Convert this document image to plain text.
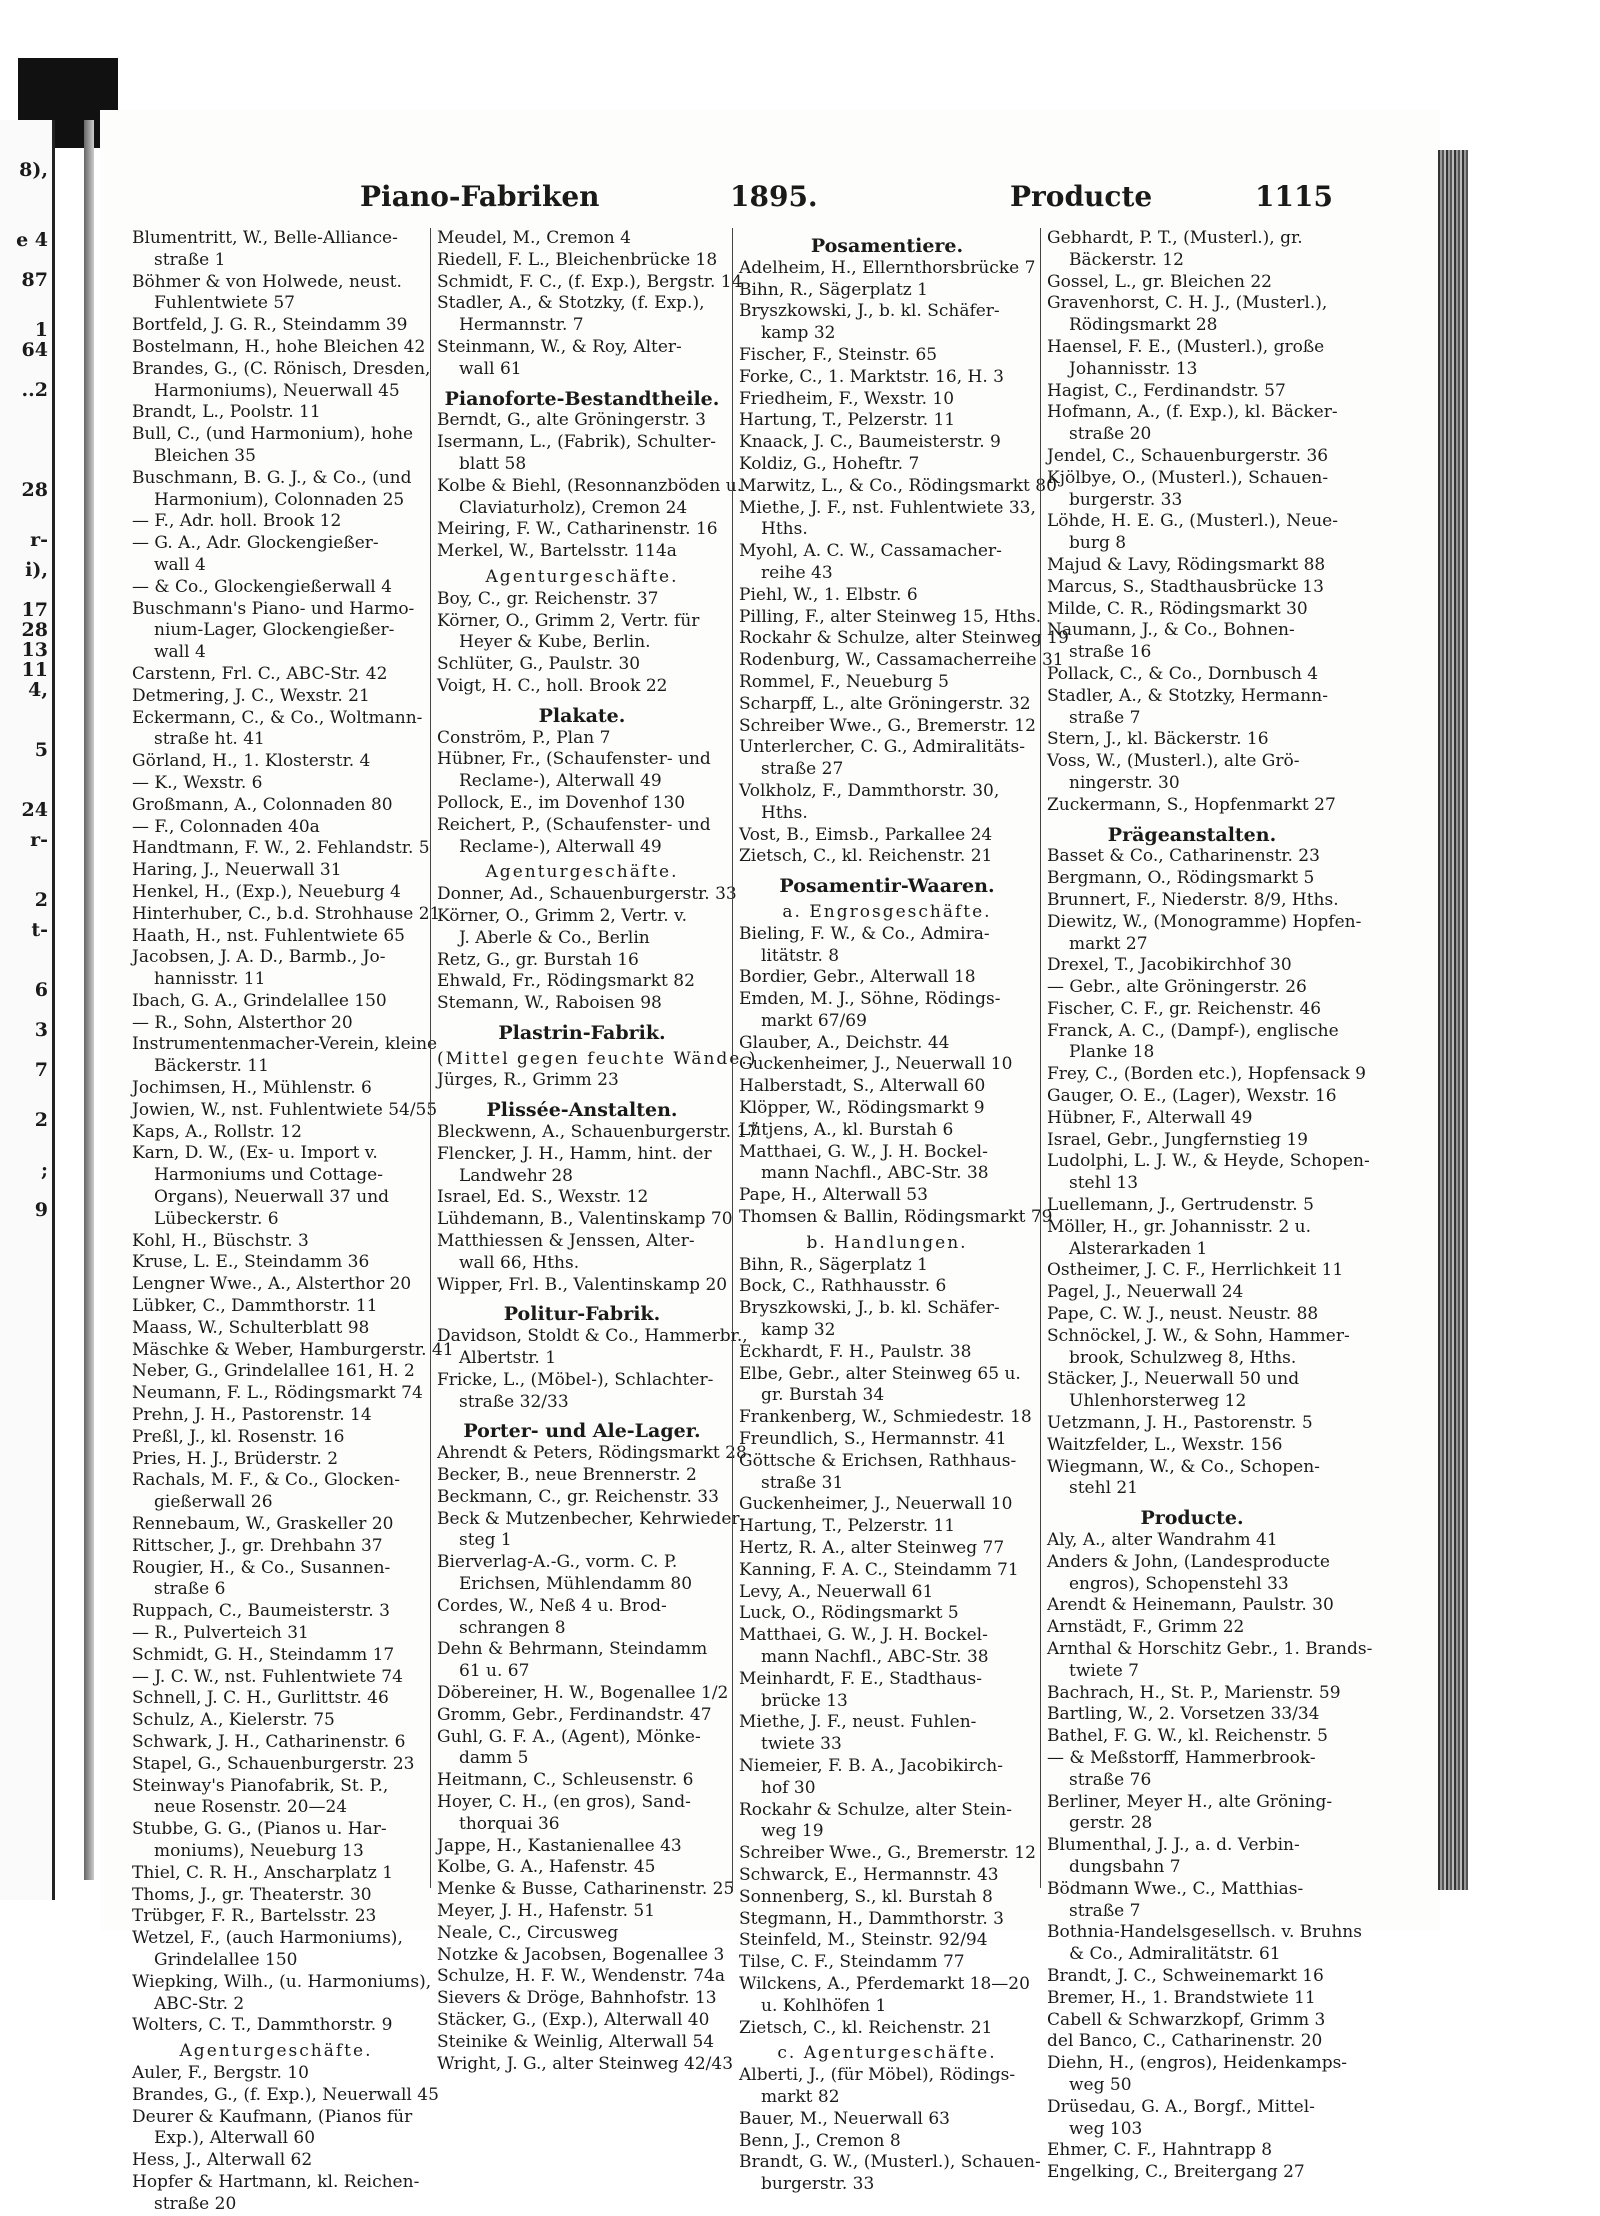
8),
e 4
87
1
64
..2
28
r-
i),
17
28
13
11
4,
5
24
r-
2
t-
6
3
7
2
;
9
Piano-Fabriken	1895.	Producte	1115
Blumentritt, W., Belle-Alliance-
straße 1
Böhmer & von Holwede, neust.
Fuhlentwiete 57
Bortfeld, J. G. R., Steindamm 39
Bostelmann, H., hohe Bleichen 42
Brandes, G., (C. Rönisch, Dresden,
Harmoniums), Neuerwall 45
Brandt, L., Poolstr. 11
Bull, C., (und Harmonium), hohe
Bleichen 35
Buschmann, B. G. J., & Co., (und
Harmonium), Colonnaden 25
— F., Adr. holl. Brook 12
— G. A., Adr. Glockengießer-
wall 4
— & Co., Glockengießerwall 4
Buschmann's Piano- und Harmo-
nium-Lager, Glockengießer-
wall 4
Carstenn, Frl. C., ABC-Str. 42
Detmering, J. C., Wexstr. 21
Eckermann, C., & Co., Woltmann-
straße ht. 41
Görland, H., 1. Klosterstr. 4
— K., Wexstr. 6
Großmann, A., Colonnaden 80
— F., Colonnaden 40a
Handtmann, F. W., 2. Fehlandstr. 5
Haring, J., Neuerwall 31
Henkel, H., (Exp.), Neueburg 4
Hinterhuber, C., b.d. Strohhause 21
Haath, H., nst. Fuhlentwiete 65
Jacobsen, J. A. D., Barmb., Jo-
hannisstr. 11
Ibach, G. A., Grindelallee 150
— R., Sohn, Alsterthor 20
Instrumentenmacher-Verein, kleine
Bäckerstr. 11
Jochimsen, H., Mühlenstr. 6
Jowien, W., nst. Fuhlentwiete 54/55
Kaps, A., Rollstr. 12
Karn, D. W., (Ex- u. Import v.
Harmoniums und Cottage-
Organs), Neuerwall 37 und
Lübeckerstr. 6
Kohl, H., Büschstr. 3
Kruse, L. E., Steindamm 36
Lengner Wwe., A., Alsterthor 20
Lübker, C., Dammthorstr. 11
Maass, W., Schulterblatt 98
Mäschke & Weber, Hamburgerstr. 41
Neber, G., Grindelallee 161, H. 2
Neumann, F. L., Rödingsmarkt 74
Prehn, J. H., Pastorenstr. 14
Preßl, J., kl. Rosenstr. 16
Pries, H. J., Brüderstr. 2
Rachals, M. F., & Co., Glocken-
gießerwall 26
Rennebaum, W., Graskeller 20
Rittscher, J., gr. Drehbahn 37
Rougier, H., & Co., Susannen-
straße 6
Ruppach, C., Baumeisterstr. 3
— R., Pulverteich 31
Schmidt, G. H., Steindamm 17
— J. C. W., nst. Fuhlentwiete 74
Schnell, J. C. H., Gurlittstr. 46
Schulz, A., Kielerstr. 75
Schwark, J. H., Catharinenstr. 6
Stapel, G., Schauenburgerstr. 23
Steinway's Pianofabrik, St. P.,
neue Rosenstr. 20—24
Stubbe, G. G., (Pianos u. Har-
moniums), Neueburg 13
Thiel, C. R. H., Anscharplatz 1
Thoms, J., gr. Theaterstr. 30
Trübger, F. R., Bartelsstr. 23
Wetzel, F., (auch Harmoniums),
Grindelallee 150
Wiepking, Wilh., (u. Harmoniums),
ABC-Str. 2
Wolters, C. T., Dammthorstr. 9
Agenturgeschäfte.
Auler, F., Bergstr. 10
Brandes, G., (f. Exp.), Neuerwall 45
Deurer & Kaufmann, (Pianos für
Exp.), Alterwall 60
Hess, J., Alterwall 62
Hopfer & Hartmann, kl. Reichen-
straße 20
Meudel, M., Cremon 4
Riedell, F. L., Bleichenbrücke 18
Schmidt, F. C., (f. Exp.), Bergstr. 14
Stadler, A., & Stotzky, (f. Exp.),
Hermannstr. 7
Steinmann, W., & Roy, Alter-
wall 61
Pianoforte-Bestandtheile.
Berndt, G., alte Gröningerstr. 3
Isermann, L., (Fabrik), Schulter-
blatt 58
Kolbe & Biehl, (Resonnanzböden u.
Claviaturholz), Cremon 24
Meiring, F. W., Catharinenstr. 16
Merkel, W., Bartelsstr. 114a
Agenturgeschäfte.
Boy, C., gr. Reichenstr. 37
Körner, O., Grimm 2, Vertr. für
Heyer & Kube, Berlin.
Schlüter, G., Paulstr. 30
Voigt, H. C., holl. Brook 22
Plakate.
Conström, P., Plan 7
Hübner, Fr., (Schaufenster- und
Reclame-), Alterwall 49
Pollock, E., im Dovenhof 130
Reichert, P., (Schaufenster- und
Reclame-), Alterwall 49
Agenturgeschäfte.
Donner, Ad., Schauenburgerstr. 33
Körner, O., Grimm 2, Vertr. v.
J. Aberle & Co., Berlin
Retz, G., gr. Burstah 16
Ehwald, Fr., Rödingsmarkt 82
Stemann, W., Raboisen 98
Plastrin-Fabrik.
(Mittel gegen feuchte Wände.)
Jürges, R., Grimm 23
Plissée-Anstalten.
Bleckwenn, A., Schauenburgerstr. 17
Flencker, J. H., Hamm, hint. der
Landwehr 28
Israel, Ed. S., Wexstr. 12
Lühdemann, B., Valentinskamp 70
Matthiessen & Jenssen, Alter-
wall 66, Hths.
Wipper, Frl. B., Valentinskamp 20
Politur-Fabrik.
Davidson, Stoldt & Co., Hammerbr.,
Albertstr. 1
Fricke, L., (Möbel-), Schlachter-
straße 32/33
Porter- und Ale-Lager.
Ahrendt & Peters, Rödingsmarkt 28
Becker, B., neue Brennerstr. 2
Beckmann, C., gr. Reichenstr. 33
Beck & Mutzenbecher, Kehrwieder-
steg 1
Bierverlag-A.-G., vorm. C. P.
Erichsen, Mühlendamm 80
Cordes, W., Neß 4 u. Brod-
schrangen 8
Dehn & Behrmann, Steindamm
61 u. 67
Döbereiner, H. W., Bogenallee 1/2
Gromm, Gebr., Ferdinandstr. 47
Guhl, G. F. A., (Agent), Mönke-
damm 5
Heitmann, C., Schleusenstr. 6
Hoyer, C. H., (en gros), Sand-
thorquai 36
Jappe, H., Kastanienallee 43
Kolbe, G. A., Hafenstr. 45
Menke & Busse, Catharinenstr. 25
Meyer, J. H., Hafenstr. 51
Neale, C., Circusweg
Notzke & Jacobsen, Bogenallee 3
Schulze, H. F. W., Wendenstr. 74a
Sievers & Dröge, Bahnhofstr. 13
Stäcker, G., (Exp.), Alterwall 40
Steinike & Weinlig, Alterwall 54
Wright, J. G., alter Steinweg 42/43
Posamentiere.
Adelheim, H., Ellernthorsbrücke 7
Bihn, R., Sägerplatz 1
Bryszkowski, J., b. kl. Schäfer-
kamp 32
Fischer, F., Steinstr. 65
Forke, C., 1. Marktstr. 16, H. 3
Friedheim, F., Wexstr. 10
Hartung, T., Pelzerstr. 11
Knaack, J. C., Baumeisterstr. 9
Koldiz, G., Hoheftr. 7
Marwitz, L., & Co., Rödingsmarkt 80
Miethe, J. F., nst. Fuhlentwiete 33,
Hths.
Myohl, A. C. W., Cassamacher-
reihe 43
Piehl, W., 1. Elbstr. 6
Pilling, F., alter Steinweg 15, Hths.
Rockahr & Schulze, alter Steinweg 19
Rodenburg, W., Cassamacherreihe 31
Rommel, F., Neueburg 5
Scharpff, L., alte Gröningerstr. 32
Schreiber Wwe., G., Bremerstr. 12
Unterlercher, C. G., Admiralitäts-
straße 27
Volkholz, F., Dammthorstr. 30,
Hths.
Vost, B., Eimsb., Parkallee 24
Zietsch, C., kl. Reichenstr. 21
Posamentir-Waaren.
a. Engrosgeschäfte.
Bieling, F. W., & Co., Admira-
litätstr. 8
Bordier, Gebr., Alterwall 18
Emden, M. J., Söhne, Rödings-
markt 67/69
Glauber, A., Deichstr. 44
Guckenheimer, J., Neuerwall 10
Halberstadt, S., Alterwall 60
Klöpper, W., Rödingsmarkt 9
Lütjens, A., kl. Burstah 6
Matthaei, G. W., J. H. Bockel-
mann Nachfl., ABC-Str. 38
Pape, H., Alterwall 53
Thomsen & Ballin, Rödingsmarkt 79
b. Handlungen.
Bihn, R., Sägerplatz 1
Bock, C., Rathhausstr. 6
Bryszkowski, J., b. kl. Schäfer-
kamp 32
Eckhardt, F. H., Paulstr. 38
Elbe, Gebr., alter Steinweg 65 u.
gr. Burstah 34
Frankenberg, W., Schmiedestr. 18
Freundlich, S., Hermannstr. 41
Göttsche & Erichsen, Rathhaus-
straße 31
Guckenheimer, J., Neuerwall 10
Hartung, T., Pelzerstr. 11
Hertz, R. A., alter Steinweg 77
Kanning, F. A. C., Steindamm 71
Levy, A., Neuerwall 61
Luck, O., Rödingsmarkt 5
Matthaei, G. W., J. H. Bockel-
mann Nachfl., ABC-Str. 38
Meinhardt, F. E., Stadthaus-
brücke 13
Miethe, J. F., neust. Fuhlen-
twiete 33
Niemeier, F. B. A., Jacobikirch-
hof 30
Rockahr & Schulze, alter Stein-
weg 19
Schreiber Wwe., G., Bremerstr. 12
Schwarck, E., Hermannstr. 43
Sonnenberg, S., kl. Burstah 8
Stegmann, H., Dammthorstr. 3
Steinfeld, M., Steinstr. 92/94
Tilse, C. F., Steindamm 77
Wilckens, A., Pferdemarkt 18—20
u. Kohlhöfen 1
Zietsch, C., kl. Reichenstr. 21
c. Agenturgeschäfte.
Alberti, J., (für Möbel), Rödings-
markt 82
Bauer, M., Neuerwall 63
Benn, J., Cremon 8
Brandt, G. W., (Musterl.), Schauen-
burgerstr. 33
Gebhardt, P. T., (Musterl.), gr.
Bäckerstr. 12
Gossel, L., gr. Bleichen 22
Gravenhorst, C. H. J., (Musterl.),
Rödingsmarkt 28
Haensel, F. E., (Musterl.), große
Johannisstr. 13
Hagist, C., Ferdinandstr. 57
Hofmann, A., (f. Exp.), kl. Bäcker-
straße 20
Jendel, C., Schauenburgerstr. 36
Kjölbye, O., (Musterl.), Schauen-
burgerstr. 33
Löhde, H. E. G., (Musterl.), Neue-
burg 8
Majud & Lavy, Rödingsmarkt 88
Marcus, S., Stadthausbrücke 13
Milde, C. R., Rödingsmarkt 30
Naumann, J., & Co., Bohnen-
straße 16
Pollack, C., & Co., Dornbusch 4
Stadler, A., & Stotzky, Hermann-
straße 7
Stern, J., kl. Bäckerstr. 16
Voss, W., (Musterl.), alte Grö-
ningerstr. 30
Zuckermann, S., Hopfenmarkt 27
Prägeanstalten.
Basset & Co., Catharinenstr. 23
Bergmann, O., Rödingsmarkt 5
Brunnert, F., Niederstr. 8/9, Hths.
Diewitz, W., (Monogramme) Hopfen-
markt 27
Drexel, T., Jacobikirchhof 30
— Gebr., alte Gröningerstr. 26
Fischer, C. F., gr. Reichenstr. 46
Franck, A. C., (Dampf-), englische
Planke 18
Frey, C., (Borden etc.), Hopfensack 9
Gauger, O. E., (Lager), Wexstr. 16
Hübner, F., Alterwall 49
Israel, Gebr., Jungfernstieg 19
Ludolphi, L. J. W., & Heyde, Schopen-
stehl 13
Luellemann, J., Gertrudenstr. 5
Möller, H., gr. Johannisstr. 2 u.
Alsterarkaden 1
Ostheimer, J. C. F., Herrlichkeit 11
Pagel, J., Neuerwall 24
Pape, C. W. J., neust. Neustr. 88
Schnöckel, J. W., & Sohn, Hammer-
brook, Schulzweg 8, Hths.
Stäcker, J., Neuerwall 50 und
Uhlenhorsterweg 12
Uetzmann, J. H., Pastorenstr. 5
Waitzfelder, L., Wexstr. 156
Wiegmann, W., & Co., Schopen-
stehl 21
Producte.
Aly, A., alter Wandrahm 41
Anders & John, (Landesproducte
engros), Schopenstehl 33
Arendt & Heinemann, Paulstr. 30
Arnstädt, F., Grimm 22
Arnthal & Horschitz Gebr., 1. Brands-
twiete 7
Bachrach, H., St. P., Marienstr. 59
Bartling, W., 2. Vorsetzen 33/34
Bathel, F. G. W., kl. Reichenstr. 5
— & Meßstorff, Hammerbrook-
straße 76
Berliner, Meyer H., alte Gröning-
gerstr. 28
Blumenthal, J. J., a. d. Verbin-
dungsbahn 7
Bödmann Wwe., C., Matthias-
straße 7
Bothnia-Handelsgesellsch. v. Bruhns
& Co., Admiralitätstr. 61
Brandt, J. C., Schweinemarkt 16
Bremer, H., 1. Brandstwiete 11
Cabell & Schwarzkopf, Grimm 3
del Banco, C., Catharinenstr. 20
Diehn, H., (engros), Heidenkamps-
weg 50
Drüsedau, G. A., Borgf., Mittel-
weg 103
Ehmer, C. F., Hahntrapp 8
Engelking, C., Breitergang 27
